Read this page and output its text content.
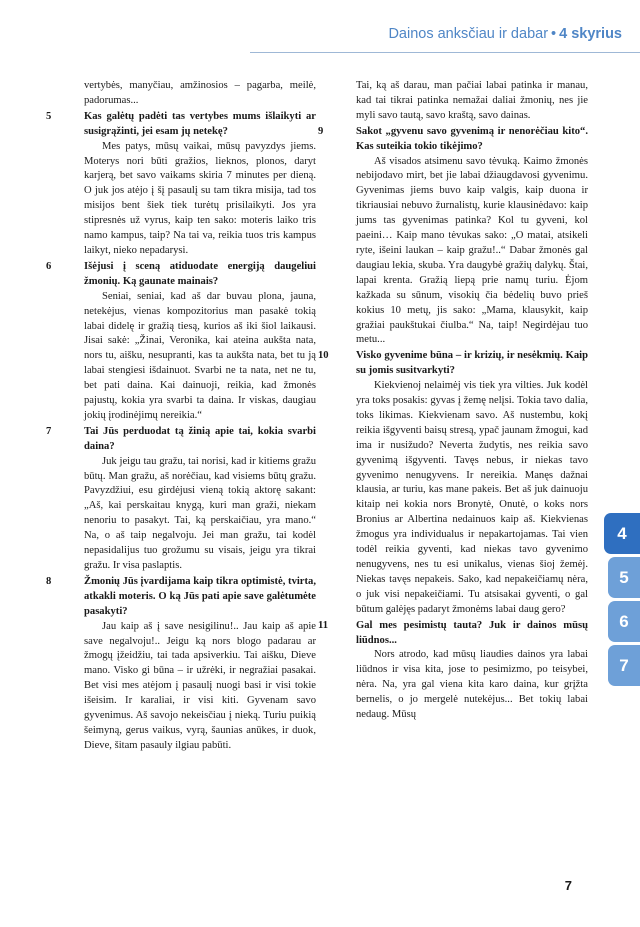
Dainos anksčiau ir dabar • 4 skyrius

vertybės, manyčiau, amžinosios – pagarba, meilė, padorumas...

5	Kas galėtų padėti tas vertybes mums išlaikyti ar susigrąžinti, jei esam jų netekę?

Mes patys, mūsų vaikai, mūsų pavyzdys jiems. Moterys nori būti gražios, lieknos, plonos, daryt karjerą, bet savo vaikams skiria 7 minutes per dieną. O juk jos atėjo į šį pasaulį su tam tikra misija, tad tos misijos bent šiek tiek turėtų prisilaikyti. Jos yra stipresnės už vyrus, kaip ten sako: moteris laiko tris namo kampus, taip? Na tai va, reikia tuos tris kampus laikyt, nieko nepadarysi.

6	Išėjusi į sceną atiduodate energiją daugeliui žmonių. Ką gaunate mainais?

Seniai, seniai, kad aš dar buvau plona, jauna, netekėjus, vienas kompozitorius man pasakė tokią labai didelę ir gražią tiesą, kurios aš iki šiol laikausi. Jisai sakė: „Žinai, Veronika, kai ateina aukšta nata, nors tu, aišku, nesupranti, kas ta aukšta nata, bet tu ją labai stengiesi išdainuot. Svarbi ne ta nata, net ne tu, bet pati daina. Kai dainuoji, reikia, kad žmonės pajustų, kokia yra svarbi ta daina. Ir viskas, daugiau jokių įrodinėjimų nereikia.“

7	Tai Jūs perduodat tą žinią apie tai, kokia svarbi daina?

Juk jeigu tau gražu, tai norisi, kad ir kitiems gražu būtų. Man gražu, aš norėčiau, kad visiems būtų gražu. Pavyzdžiui, esu girdėjusi vieną tokią aktorę sakant: „Aš, kai perskaitau knygą, kuri man graži, niekam nenoriu to pasakyt. Tai, ką perskaičiau, yra mano.“ Na, o aš taip negalvoju. Jei man gražu, tai kodėl nepasidalijus tuo grožumu su visais, jeigu yra tikrai gražu. Ir visa paslaptis.

8	Žmonių Jūs įvardijama kaip tikra optimistė, tvirta, atkakli moteris. O ką Jūs pati apie save galėtumėte pasakyti?

Jau kaip aš į save nesigilinu!.. Jau kaip aš apie save negalvoju!.. Jeigu ką nors blogo padarau ar žmogų įžeidžiu, tai tada apsiverkiu. Tai aišku, Dieve mano. Visko gi būna – ir užrėki, ir negražiai pasakai. Bet visi mes atėjom į pasaulį nuogi basi ir visi tokie išeisim. Ir karaliai, ir visi kiti. Gyvenam savo gyvenimus. Aš savojo nekeisčiau į nieką. Turiu puikią šeimyną, gerus vaikus, vyrą, šaunias anūkes, ir duok, Dieve, šitam pasauly ilgiau pabūti.

Tai, ką aš darau, man pačiai labai patinka ir manau, kad tai tikrai patinka nemažai daliai žmonių, nes jie myli savo tautą, savo kraštą, savo dainas.

9	Sakot „gyvenu savo gyvenimą ir nenorėčiau kito“. Kas suteikia tokio tikėjimo?

Aš visados atsimenu savo tėvuką. Kaimo žmonės nebijodavo mirt, bet jie labai džiaugdavosi gyvenimu. Gyvenimas jiems buvo kaip valgis, kaip duona ir tikriausiai nebuvo žurnalistų, kurie klausinėdavo: kaip jums tas gyvenimas patinka? Kol tu gyveni, kol paeini… Kaip mano tėvukas sako: „O matai, atsikeli ryte, išeini laukan – kaip gražu!..“ Dabar žmonės gal daugiau lekia, skuba. Yra daugybė gražių dalykų. Štai, lapai krenta. Gražią liepą prie namų turiu. Ėjom kažkada su sūnum, visokių čia bėdelių buvo prieš kokius 10 metų, jis sako: „Mama, klausykit, kaip gražiai paukštukai čiulba.“ Na, taip! Negirdėjau tuo metu...

10	Visko gyvenime būna – ir krizių, ir nesėkmių. Kaip su jomis susitvarkyti?

Kiekvienoj nelaimėj vis tiek yra vilties. Juk kodėl yra toks posakis: gyvas į žemę nelįsi. Tokia tavo dalia, toks likimas. Kiekvienam savo. Aš nustembu, kokį reikia išgyventi baisų stresą, ypač jaunam žmogui, kad ima ir nusižudo? Neverta žudytis, nes reikia savo gyvenimą išgyventi. Tavęs nebus, ir niekas tavo gyvenimo nenugyvens. Ir nereikia. Manęs dažnai klausia, ar turiu, kas mane pakeis. Bet aš juk dainuoju kitaip nei kokia nors Bronytė, Onutė, o koks nors Bronius ar Albertina nedainuos kaip aš. Kiekvienas žmogus yra individualus ir nepakartojamas. Tai vien todėl reikia gyventi, kad niekas tavo gyvenimo nenugyvens, nes tu esi unikalus, vienas šioj žemėj. Niekas tavęs nepakeis. Sako, kad nepakeičiamų nėra, o juk visi nepakeičiami. Tu atsisakai gyventi, o gal būtum galėjęs padaryt žmonėms labai daug gero?

11	Gal mes pesimistų tauta? Juk ir dainos mūsų liūdnos...

Nors atrodo, kad mūsų liaudies dainos yra labai liūdnos ir visa kita, jose to pesimizmo, po teisybei, nėra. Na, yra gal viena kita karo daina, kur grįžta bernelis, o jo mergelė nutekėjus... Bet tokių labai nedaug. Mūsų

4
5
6
7
7
